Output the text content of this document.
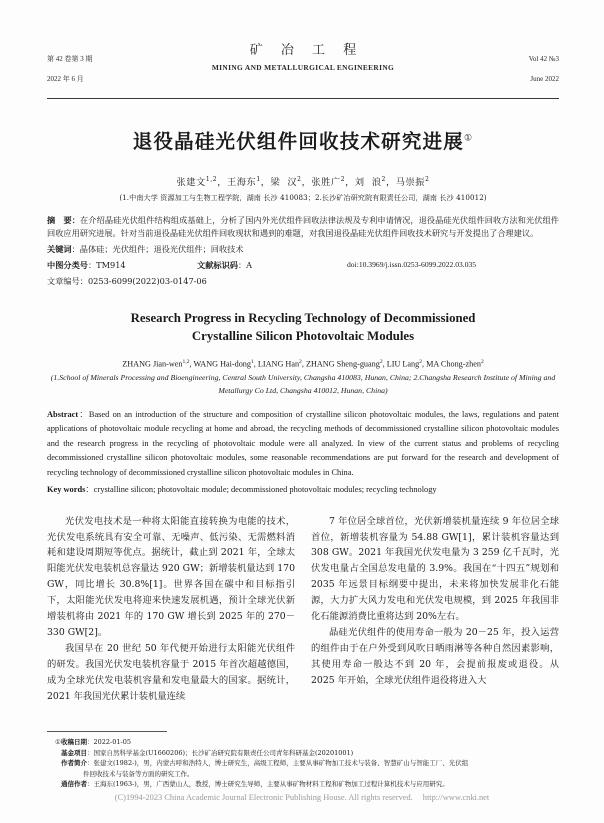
第 42 卷第 3 期

2022 年 6 月

矿 冶 工 程
MINING AND METALLURGICAL ENGINEERING

Vol 42 №3

June 2022

退役晶硅光伏组件回收技术研究进展①
张建文$^{1,2}$，王海东$^1$，梁 汉$^2$，张胜广$^2$，刘 浪$^2$，马崇振$^2$
(1.中南大学 资源加工与生物工程学院，湖南 长沙 410083；2.长沙矿冶研究院有限责任公司，湖南 长沙 410012)
摘　要：在介绍晶硅光伏组件结构组成基础上，分析了国内外光伏组件回收法律法规及专利申请情况，退役晶硅光伏组件回收方法和光伏组件回收应用研究进展。针对当前退役晶硅光伏组件回收现状和遇到的难题，对我国退役晶硅光伏组件回收技术研究与开发提出了合理建议。
关键词：晶体硅；光伏组件；退役光伏组件；回收技术
中图分类号：TM914	文献标识码：A	doi:10.3969/j.issn.0253-6099.2022.03.035
文章编号：0253-6099(2022)03-0147-06
Research Progress in Recycling Technology of Decommissioned
Crystalline Silicon Photovoltaic Modules
ZHANG Jian-wen$^{1,2}$, WANG Hai-dong$^1$, LIANG Han$^2$, ZHANG Sheng-guang$^2$, LIU Lang$^2$, MA Chong-zhen$^2$
(1.School of Minerals Processing and Bioengineering, Central South University, Changsha 410083, Hunan, China; 2.Changsha Research Institute of Mining and Metallurgy Co Ltd, Changsha 410012, Hunan, China)
Abstract：Based on an introduction of the structure and composition of crystalline silicon photovoltaic modules, the laws, regulations and patent applications of photovoltaic module recycling at home and abroad, the recycling methods of decommissioned crystalline silicon photovoltaic modules and the research progress in the recycling of photovoltaic module were all analyzed. In view of the current status and problems of recycling decommissioned crystalline silicon photovoltaic modules, some reasonable recommendations are put forward for the research and development of recycling technology of decommissioned crystalline silicon photovoltaic modules in China.
Key words：crystalline silicon; photovoltaic module; decommissioned photovoltaic modules; recycling technology

光伏发电技术是一种将太阳能直接转换为电能的技术，光伏发电系统具有安全可靠、无噪声、低污染、无需燃料消耗和建设周期短等优点。据统计，截止到 2021 年，全球太阳能光伏发电装机总容量达 920 GW；新增装机量达到 170 GW，同比增长 30.8%[1]。世界各国在碳中和目标指引下，太阳能光伏发电将迎来快速发展机遇，预计全球光伏新增装机将由 2021 年的 170 GW 增长到 2025 年的 270－330 GW[2]。

我国早在 20 世纪 50 年代便开始进行太阳能光伏组件的研发。我国光伏发电装机容量于 2015 年首次超越德国，成为全球光伏发电装机容量和发电量最大的国家。据统计，2021 年我国光伏累计装机量连续

7 年位居全球首位，光伏新增装机量连续 9 年位居全球首位，新增装机容量为 54.88 GW[1]，累计装机容量达到 308 GW。2021 年我国光伏发电量为 3 259 亿千瓦时，光伏发电量占全国总发电量的 3.9%。我国在“十四五”规划和 2035 年远景目标纲要中提出，未来将加快发展非化石能源，大力扩大风力发电和光伏发电规模，到 2025 年我国非化石能源消费比重将达到 20%左右。

晶硅光伏组件的使用寿命一般为 20－25 年，投入运营的组件由于在户外受到风吹日晒雨淋等各种自然因素影响，其使用寿命一般达不到 20 年，会提前报废或退役。从 2025 年开始，全球光伏组件退役将进入大

① 收稿日期：2022-01-05
基金项目：国家自然科学基金(U1660206)；长沙矿冶研究院有限责任公司青年科研基金(20201001)
作者简介：张建文(1982-)，男，内蒙古呼和浩特人，博士研究生，高级工程师，主要从事矿物加工技术与装备、智慧矿山与智能工厂、光伏组
件回收技术与装备等方面的研究工作。
通信作者：王海东(1963-)，男，广西蒙山人，教授，博士研究生导师，主要从事矿物材料工程和矿物加工过程计算机技术与应用研究。
(C)1994-2023 China Academic Journal Electronic Publishing House. All rights reserved. http://www.cnki.net
